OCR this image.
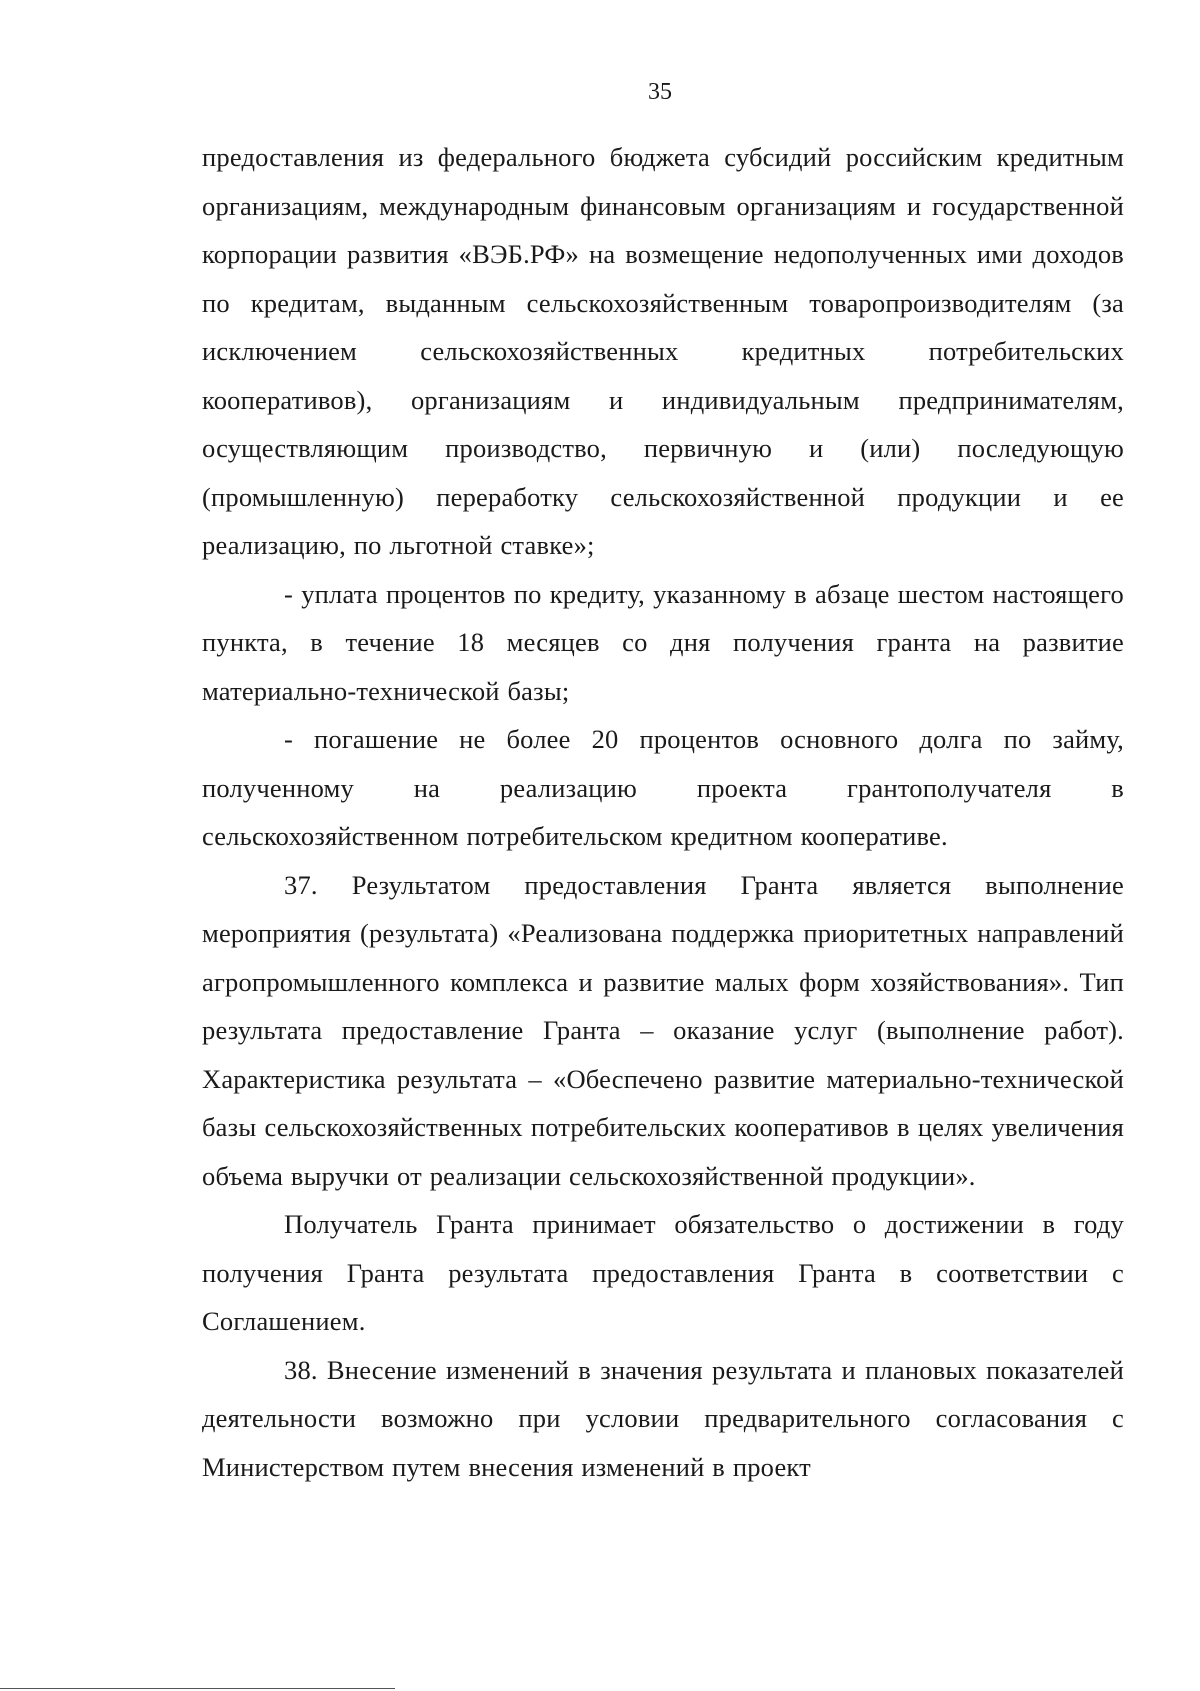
35

предоставления из федерального бюджета субсидий российским кредитным организациям, международным финансовым организациям и государственной корпорации развития «ВЭБ.РФ» на возмещение недополученных ими доходов по кредитам, выданным сельскохозяйственным товаропроизводителям (за исключением сельскохозяйственных кредитных потребительских кооперативов), организациям и индивидуальным предпринимателям, осуществляющим производство, первичную и (или) последующую (промышленную) переработку сельскохозяйственной продукции и ее реализацию, по льготной ставке»;

- уплата процентов по кредиту, указанному в абзаце шестом настоящего пункта, в течение 18 месяцев со дня получения гранта на развитие материально-технической базы;

- погашение не более 20 процентов основного долга по займу, полученному на реализацию проекта грантополучателя в сельскохозяйственном потребительском кредитном кооперативе.

37. Результатом предоставления Гранта является выполнение мероприятия (результата) «Реализована поддержка приоритетных направлений агропромышленного комплекса и развитие малых форм хозяйствования». Тип результата предоставление Гранта – оказание услуг (выполнение работ). Характеристика результата – «Обеспечено развитие материально-технической базы сельскохозяйственных потребительских кооперативов в целях увеличения объема выручки от реализации сельскохозяйственной продукции».

Получатель Гранта принимает обязательство о достижении в году получения Гранта результата предоставления Гранта в соответствии с Соглашением.

38. Внесение изменений в значения результата и плановых показателей деятельности возможно при условии предварительного согласования с Министерством путем внесения изменений в проект
